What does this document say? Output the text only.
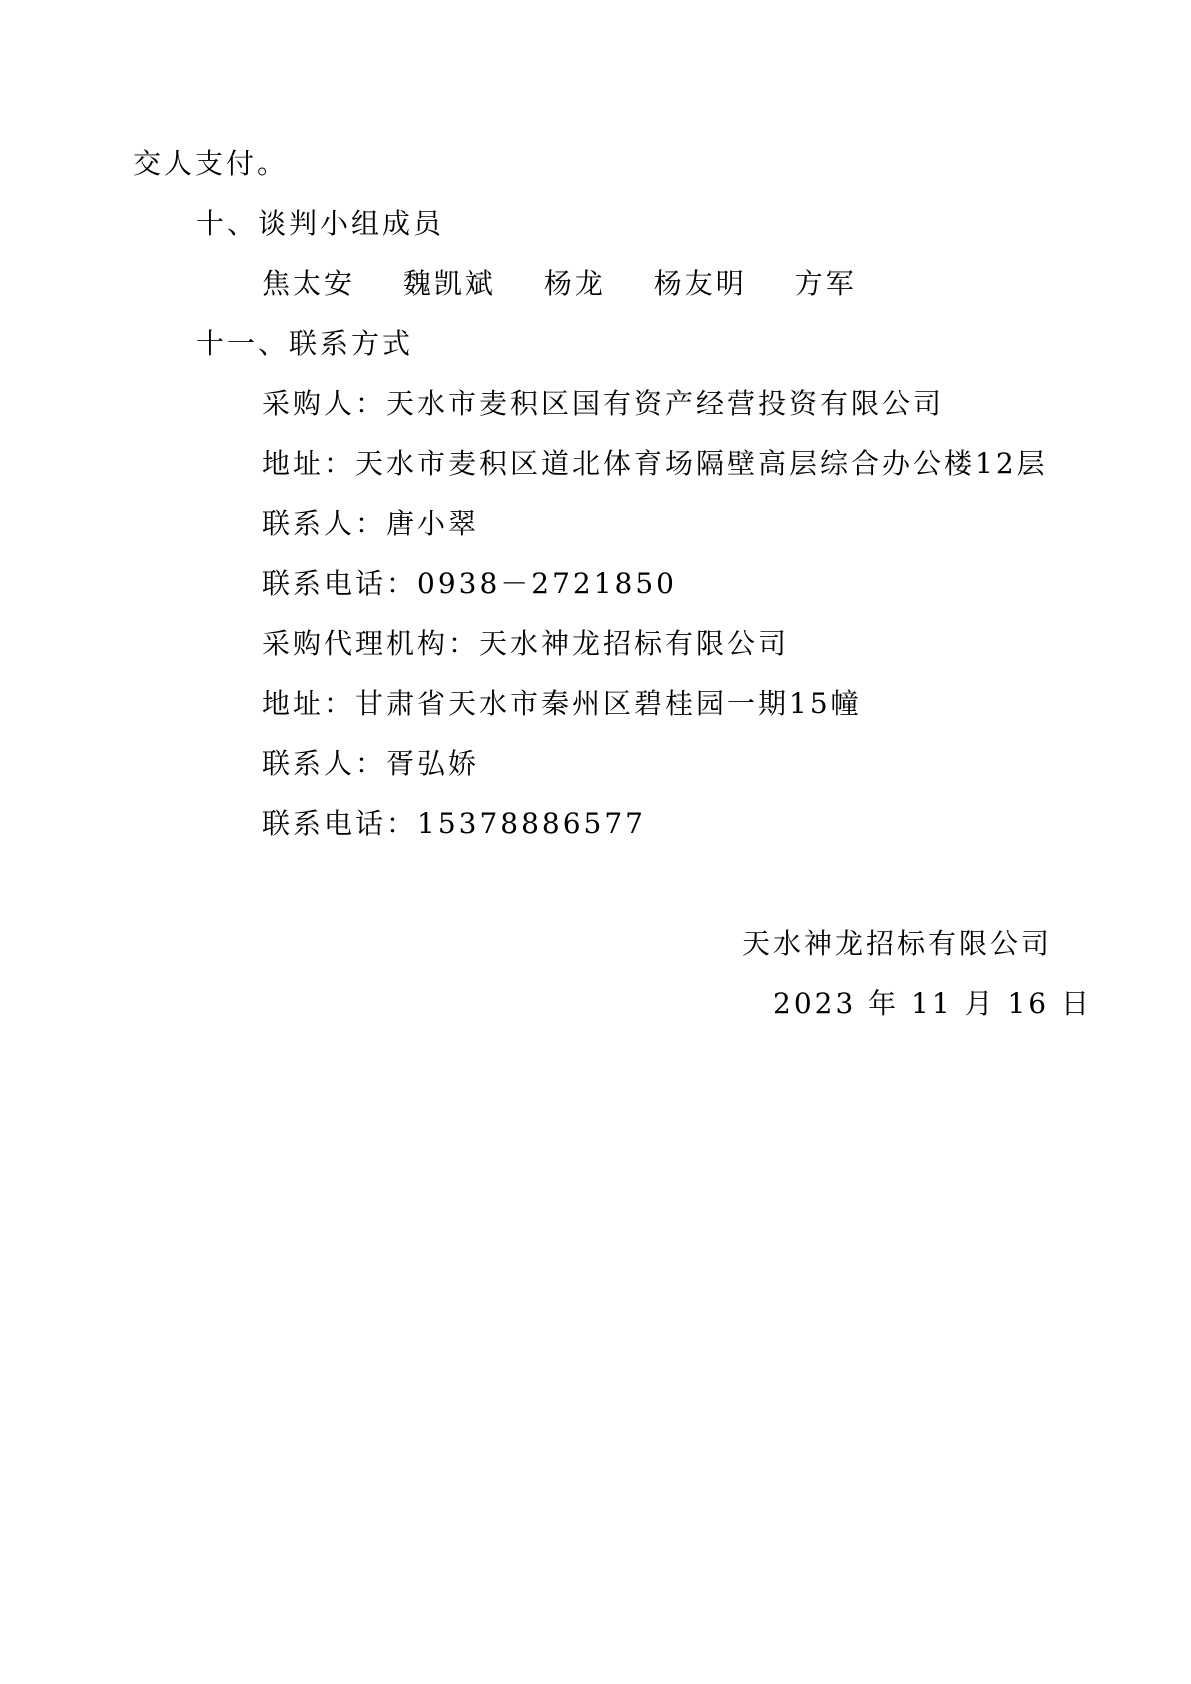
交人支付。
十、谈判小组成员
焦太安 魏凯斌 杨龙 杨友明 方军
十一、联系方式
采购人：天水市麦积区国有资产经营投资有限公司
地址：天水市麦积区道北体育场隔壁高层综合办公楼12层
联系人：唐小翠
联系电话：0938－2721850
采购代理机构：天水神龙招标有限公司
地址：甘肃省天水市秦州区碧桂园一期15幢
联系人：胥弘娇
联系电话：15378886577
天水神龙招标有限公司
2023 年 11 月 16 日
